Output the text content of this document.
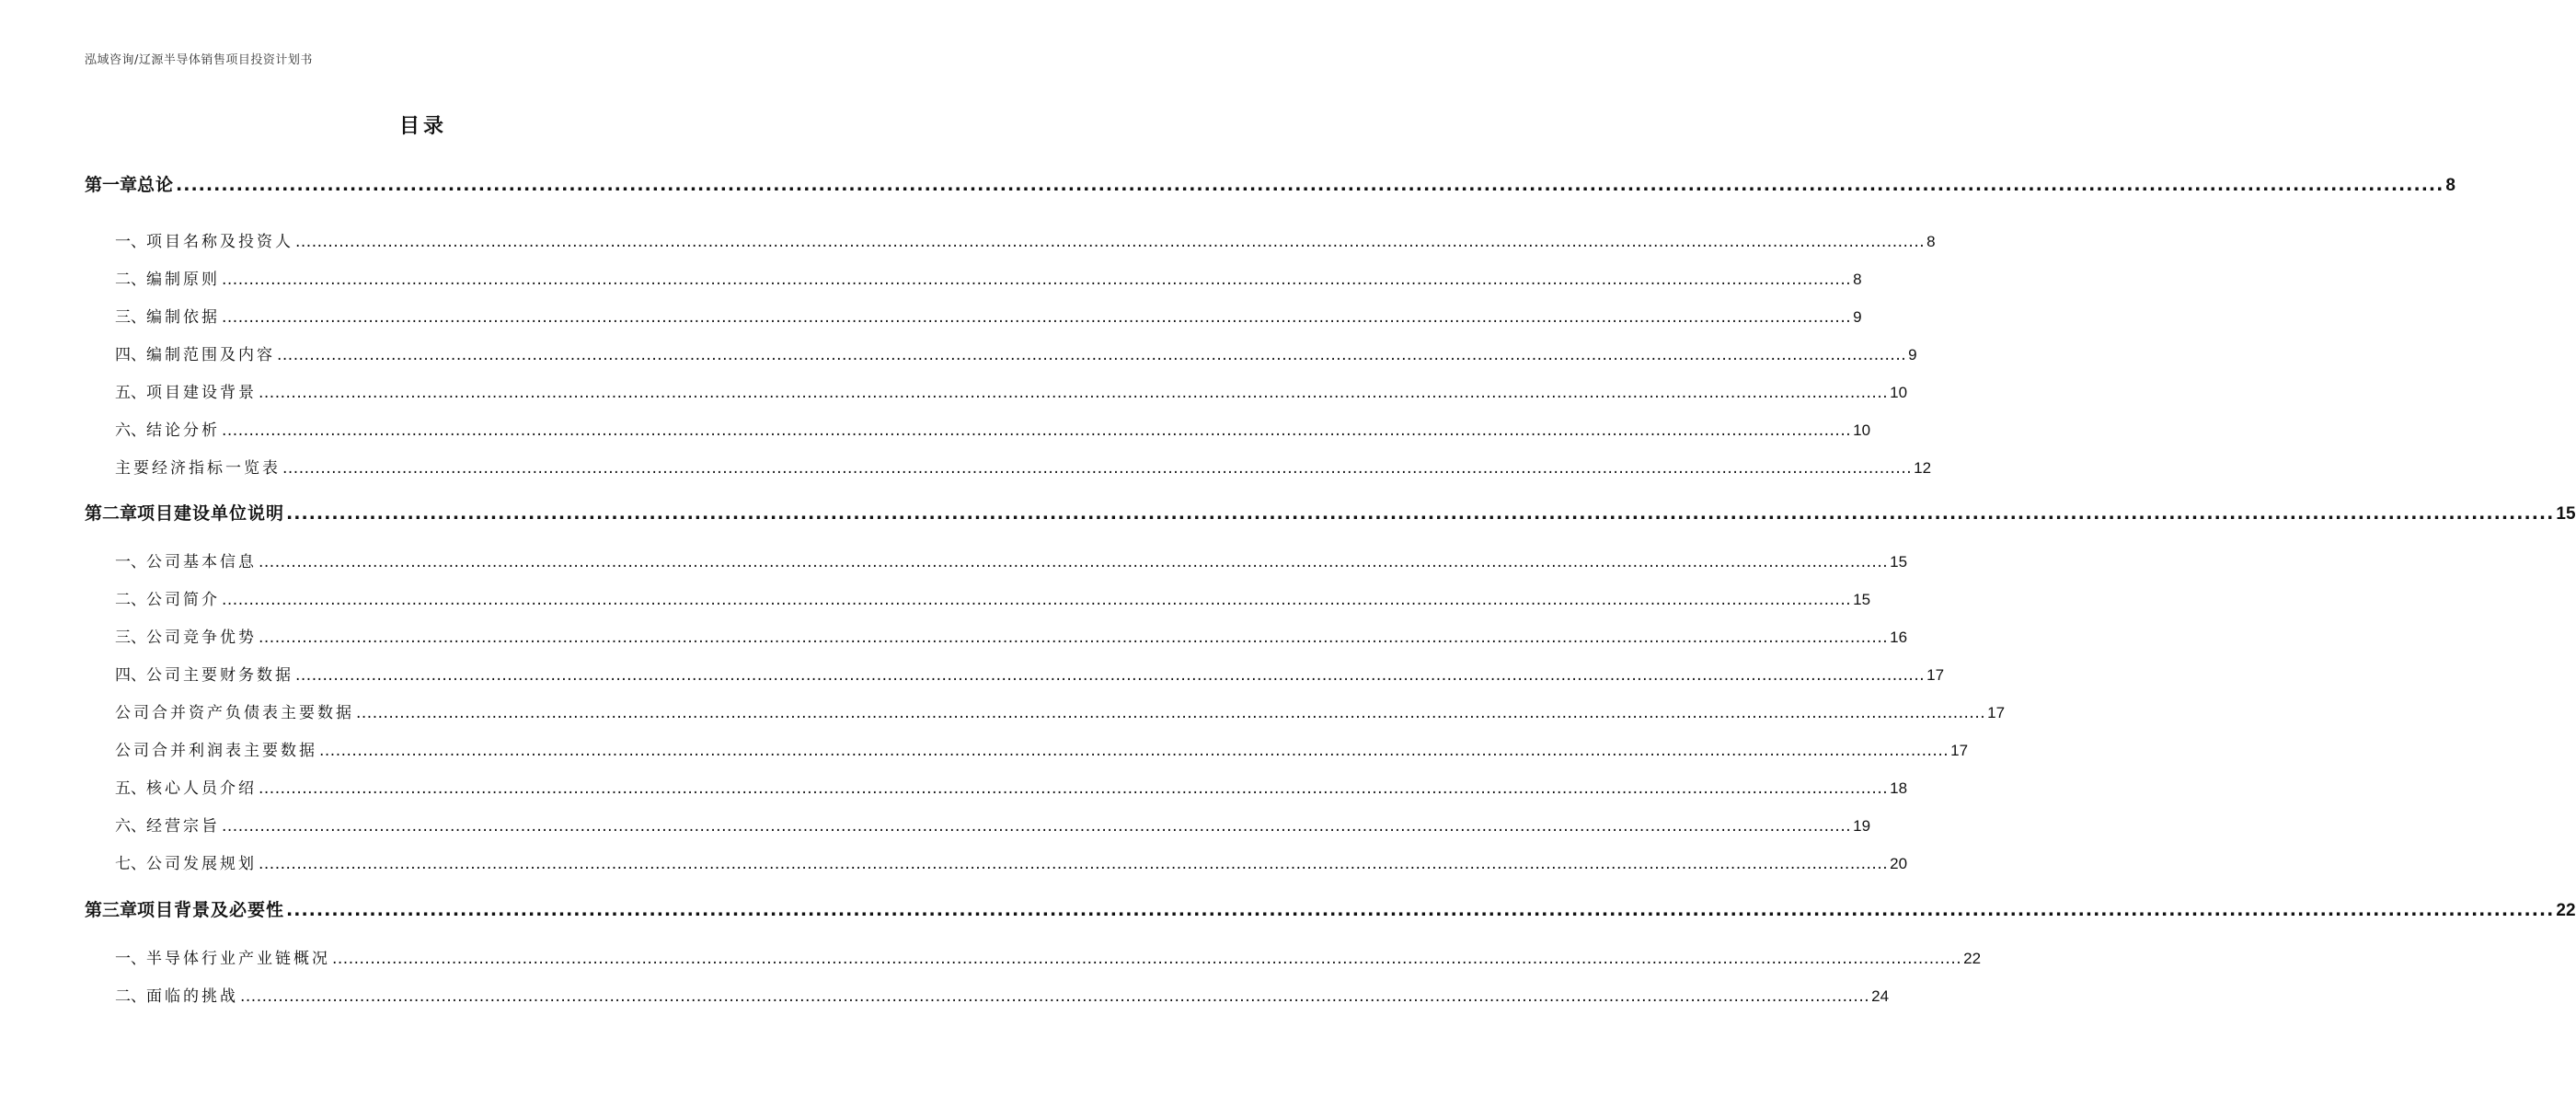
泓域咨询/辽源半导体销售项目投资计划书
目录
第一章 总论 ............................................................................................................................................................................................................................................................................................................ 8
一、 项目名称及投资人 ............................................................................................................................................................................................................................................................................................................ 8
二、 编制原则 ............................................................................................................................................................................................................................................................................................................ 8
三、 编制依据 ............................................................................................................................................................................................................................................................................................................ 9
四、 编制范围及内容 ............................................................................................................................................................................................................................................................................................................ 9
五、 项目建设背景 ............................................................................................................................................................................................................................................................................................................ 10
六、 结论分析 ............................................................................................................................................................................................................................................................................................................ 10
主要经济指标一览表 ............................................................................................................................................................................................................................................................................................................ 12
第二章 项目建设单位说明 ............................................................................................................................................................................................................................................................................................................ 15
一、 公司基本信息 ............................................................................................................................................................................................................................................................................................................ 15
二、 公司简介 ............................................................................................................................................................................................................................................................................................................ 15
三、 公司竞争优势 ............................................................................................................................................................................................................................................................................................................ 16
四、 公司主要财务数据 ............................................................................................................................................................................................................................................................................................................ 17
公司合并资产负债表主要数据 ............................................................................................................................................................................................................................................................................................................ 17
公司合并利润表主要数据 ............................................................................................................................................................................................................................................................................................................ 17
五、 核心人员介绍 ............................................................................................................................................................................................................................................................................................................ 18
六、 经营宗旨 ............................................................................................................................................................................................................................................................................................................ 19
七、 公司发展规划 ............................................................................................................................................................................................................................................................................................................ 20
第三章 项目背景及必要性 ............................................................................................................................................................................................................................................................................................................ 22
一、 半导体行业产业链概况 ............................................................................................................................................................................................................................................................................................................ 22
二、 面临的挑战 ............................................................................................................................................................................................................................................................................................................ 24
